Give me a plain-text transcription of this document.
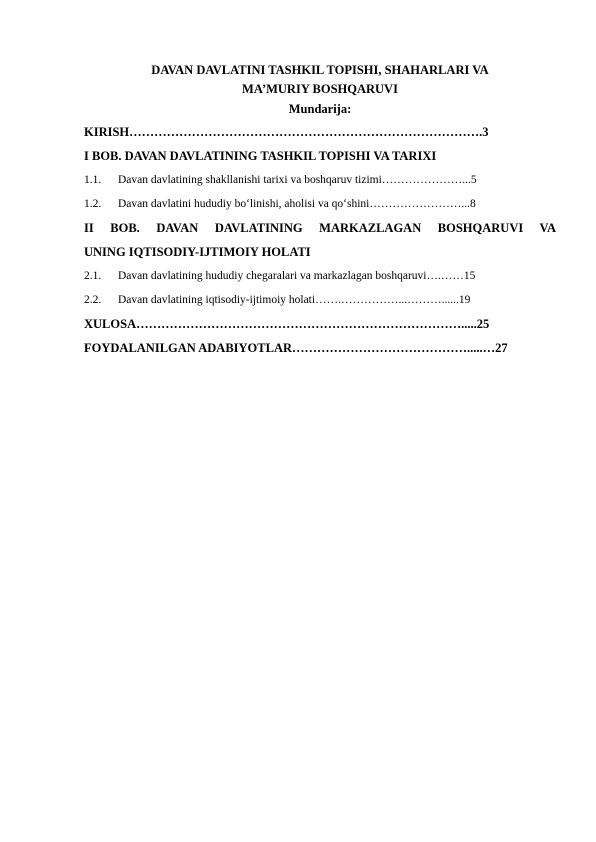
DAVAN DAVLATINI TASHKIL TOPISHI, SHAHARLARI VA
MA’MURIY BOSHQARUVI
Mundarija:
KIRISH………………………………………………………………………….3
I BOB. DAVAN DAVLATINING TASHKIL TOPISHI VA TARIXI
1.1. Davan davlatining shakllanishi tarixi va boshqaruv tizimi…………………...5
1.2. Davan davlatini hududiy boʻlinishi, aholisi va qoʻshini……………………...8
II BOB. DAVAN DAVLATINING MARKAZLAGAN BOSHQARUVI VA
UNING IQTISODIY-IJTIMOIY HOLATI
2.1. Davan davlatining hududiy chegaralari va markazlagan boshqaruvi….……15
2.2. Davan davlatining iqtisodiy-ijtimoiy holati…….……………...………......19
XULOSA…………………………………………………………………….....25
FOYDALANILGAN ADABIYOTLAR…………………………………….....…27
